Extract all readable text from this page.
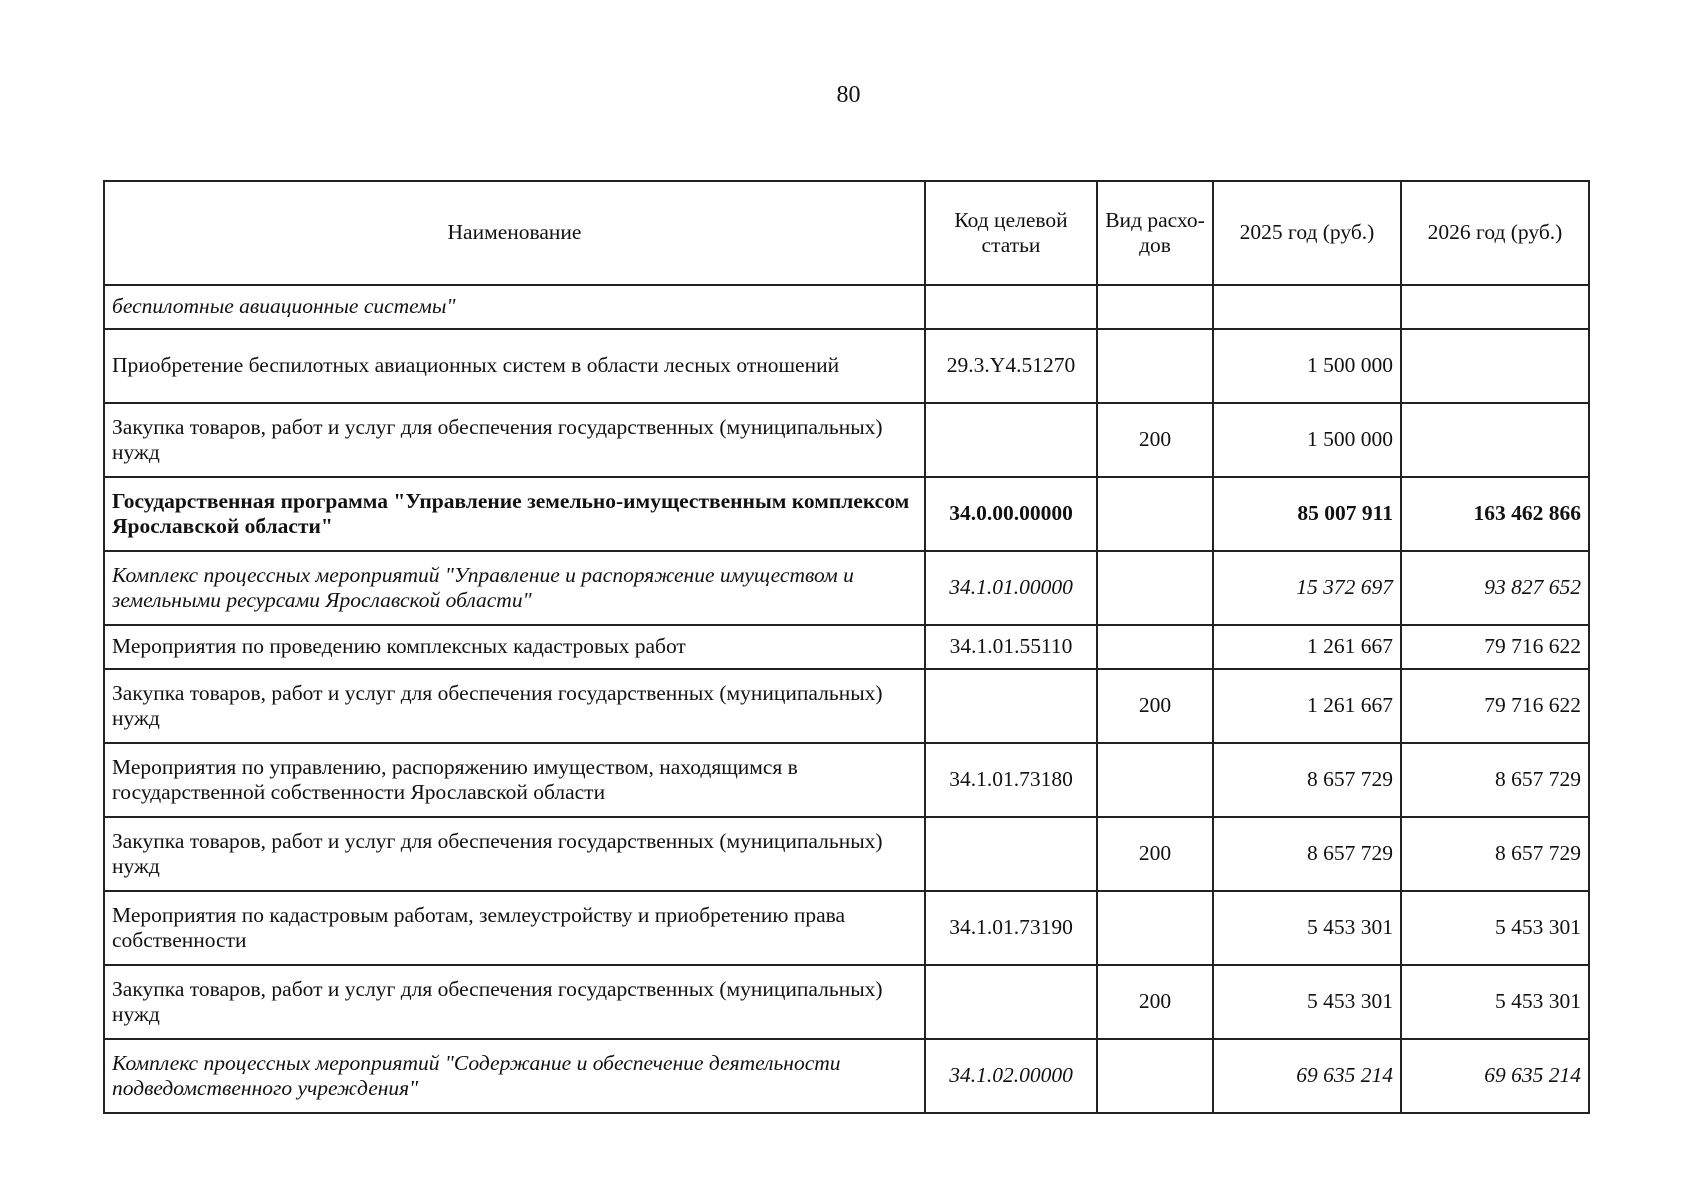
80
Наименование	Код целевой статьи	Вид расхо- дов	2025 год (руб.)	2026 год (руб.)
беспилотные авиационные системы"				
Приобретение беспилотных авиационных систем в области лесных отношений	29.3.Y4.51270		1 500 000	
Закупка товаров, работ и услуг для обеспечения государственных (муниципальных) нужд		200	1 500 000	
Государственная программа "Управление земельно-имущественным комплексом Ярославской области"	34.0.00.00000		85 007 911	163 462 866
Комплекс процессных мероприятий "Управление и распоряжение имуществом и земельными ресурсами Ярославской области"	34.1.01.00000		15 372 697	93 827 652
Мероприятия по проведению комплексных кадастровых работ	34.1.01.55110		1 261 667	79 716 622
Закупка товаров, работ и услуг для обеспечения государственных (муниципальных) нужд		200	1 261 667	79 716 622
Мероприятия по управлению, распоряжению имуществом, находящимся в государственной собственности Ярославской области	34.1.01.73180		8 657 729	8 657 729
Закупка товаров, работ и услуг для обеспечения государственных (муниципальных) нужд		200	8 657 729	8 657 729
Мероприятия по кадастровым работам, землеустройству и приобретению права собственности	34.1.01.73190		5 453 301	5 453 301
Закупка товаров, работ и услуг для обеспечения государственных (муниципальных) нужд		200	5 453 301	5 453 301
Комплекс процессных мероприятий "Содержание и обеспечение деятельности подведомственного учреждения"	34.1.02.00000		69 635 214	69 635 214
